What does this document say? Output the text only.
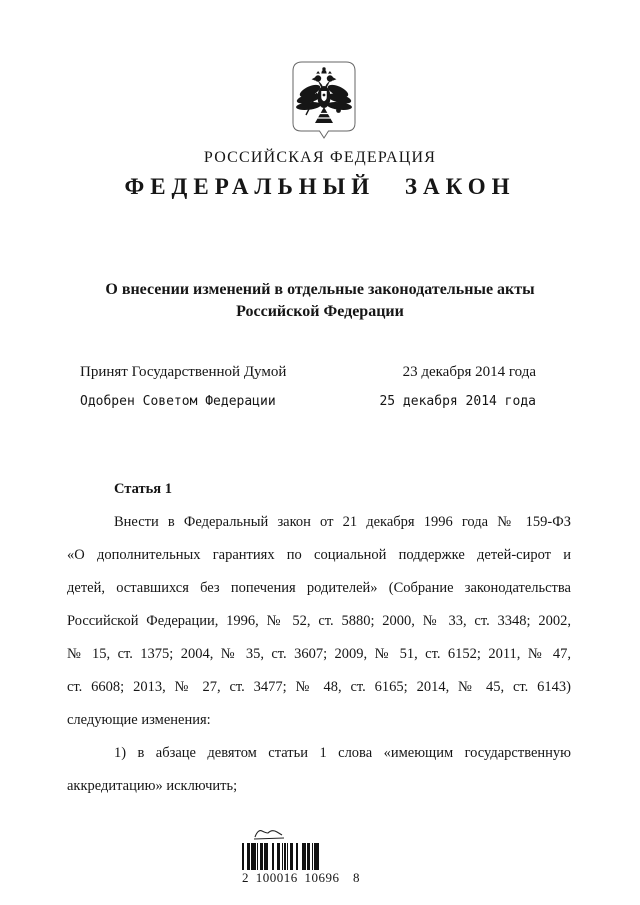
РОССИЙСКАЯ ФЕДЕРАЦИЯ
ФЕДЕРАЛЬНЫЙ ЗАКОН
О внесении изменений в отдельные законодательные акты
Российской Федерации
Принят Государственной Думой	23 декабря 2014 года
Одобрен Советом Федерации	25 декабря 2014 года
Статья 1
Внести в Федеральный закон от 21 декабря 1996 года № 159-ФЗ
«О дополнительных гарантиях по социальной поддержке детей-сирот и
детей, оставшихся без попечения родителей» (Собрание законодательства
Российской Федерации, 1996, № 52, ст. 5880; 2000, № 33, ст. 3348; 2002,
№ 15, ст. 1375; 2004, № 35, ст. 3607; 2009, № 51, ст. 6152; 2011, № 47,
ст. 6608; 2013, № 27, ст. 3477; № 48, ст. 6165; 2014, № 45, ст. 6143)
следующие изменения:
1) в абзаце девятом статьи 1 слова «имеющим государственную
аккредитацию» исключить;
2 100016 10696  8
